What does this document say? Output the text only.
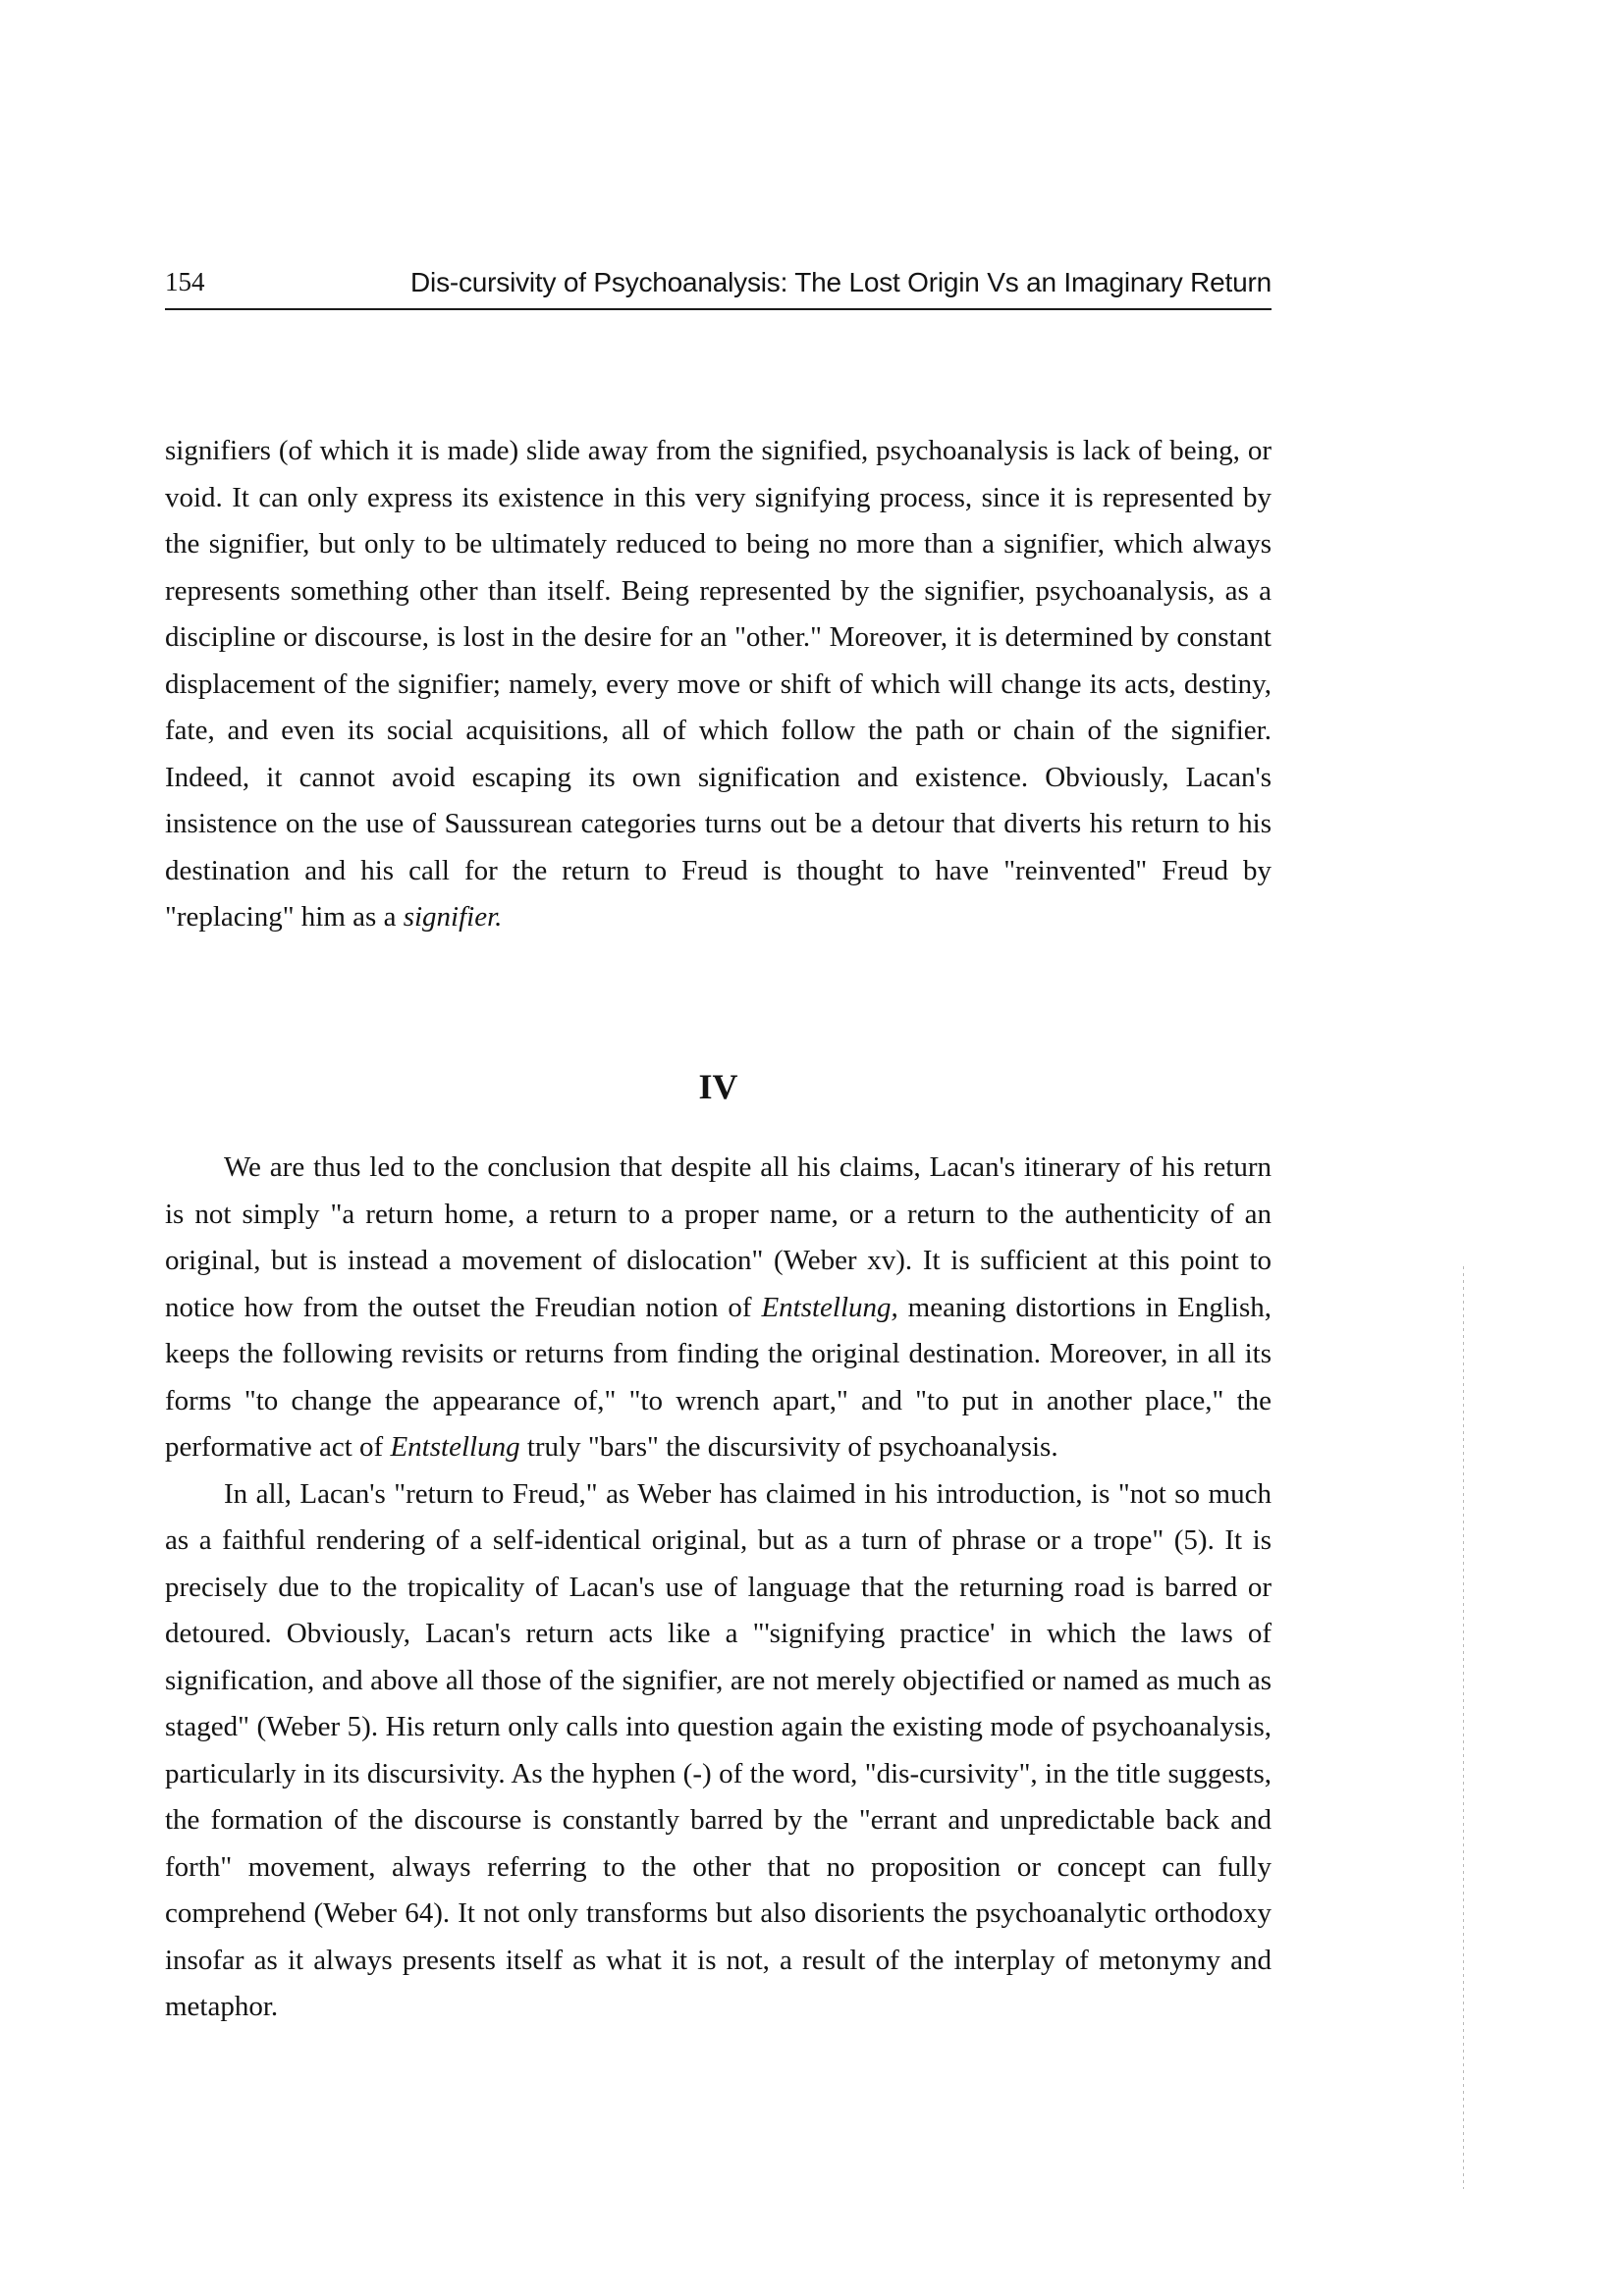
154	Dis-cursivity of Psychoanalysis: The Lost Origin Vs an Imaginary Return

signifiers (of which it is made) slide away from the signified, psychoanalysis is lack of being, or void. It can only express its existence in this very signifying process, since it is represented by the signifier, but only to be ultimately reduced to being no more than a signifier, which always represents something other than itself. Being represented by the signifier, psychoanalysis, as a discipline or discourse, is lost in the desire for an "other." Moreover, it is determined by constant displacement of the signifier; namely, every move or shift of which will change its acts, destiny, fate, and even its social acquisitions, all of which follow the path or chain of the signifier. Indeed, it cannot avoid escaping its own signification and existence. Obviously, Lacan's insistence on the use of Saussurean categories turns out be a detour that diverts his return to his destination and his call for the return to Freud is thought to have "reinvented" Freud by "replacing" him as a signifier.

IV

We are thus led to the conclusion that despite all his claims, Lacan's itinerary of his return is not simply "a return home, a return to a proper name, or a return to the authenticity of an original, but is instead a movement of dislocation" (Weber xv). It is sufficient at this point to notice how from the outset the Freudian notion of Entstellung, meaning distortions in English, keeps the following revisits or returns from finding the original destination. Moreover, in all its forms "to change the appearance of," "to wrench apart," and "to put in another place," the performative act of Entstellung truly "bars" the discursivity of psychoanalysis.

In all, Lacan's "return to Freud," as Weber has claimed in his introduction, is "not so much as a faithful rendering of a self-identical original, but as a turn of phrase or a trope" (5). It is precisely due to the tropicality of Lacan's use of language that the returning road is barred or detoured. Obviously, Lacan's return acts like a "'signifying practice' in which the laws of signification, and above all those of the signifier, are not merely objectified or named as much as staged" (Weber 5). His return only calls into question again the existing mode of psychoanalysis, particularly in its discursivity. As the hyphen (-) of the word, "dis-cursivity", in the title suggests, the formation of the discourse is constantly barred by the "errant and unpredictable back and forth" movement, always referring to the other that no proposition or concept can fully comprehend (Weber 64). It not only transforms but also disorients the psychoanalytic orthodoxy insofar as it always presents itself as what it is not, a result of the interplay of metonymy and metaphor.
